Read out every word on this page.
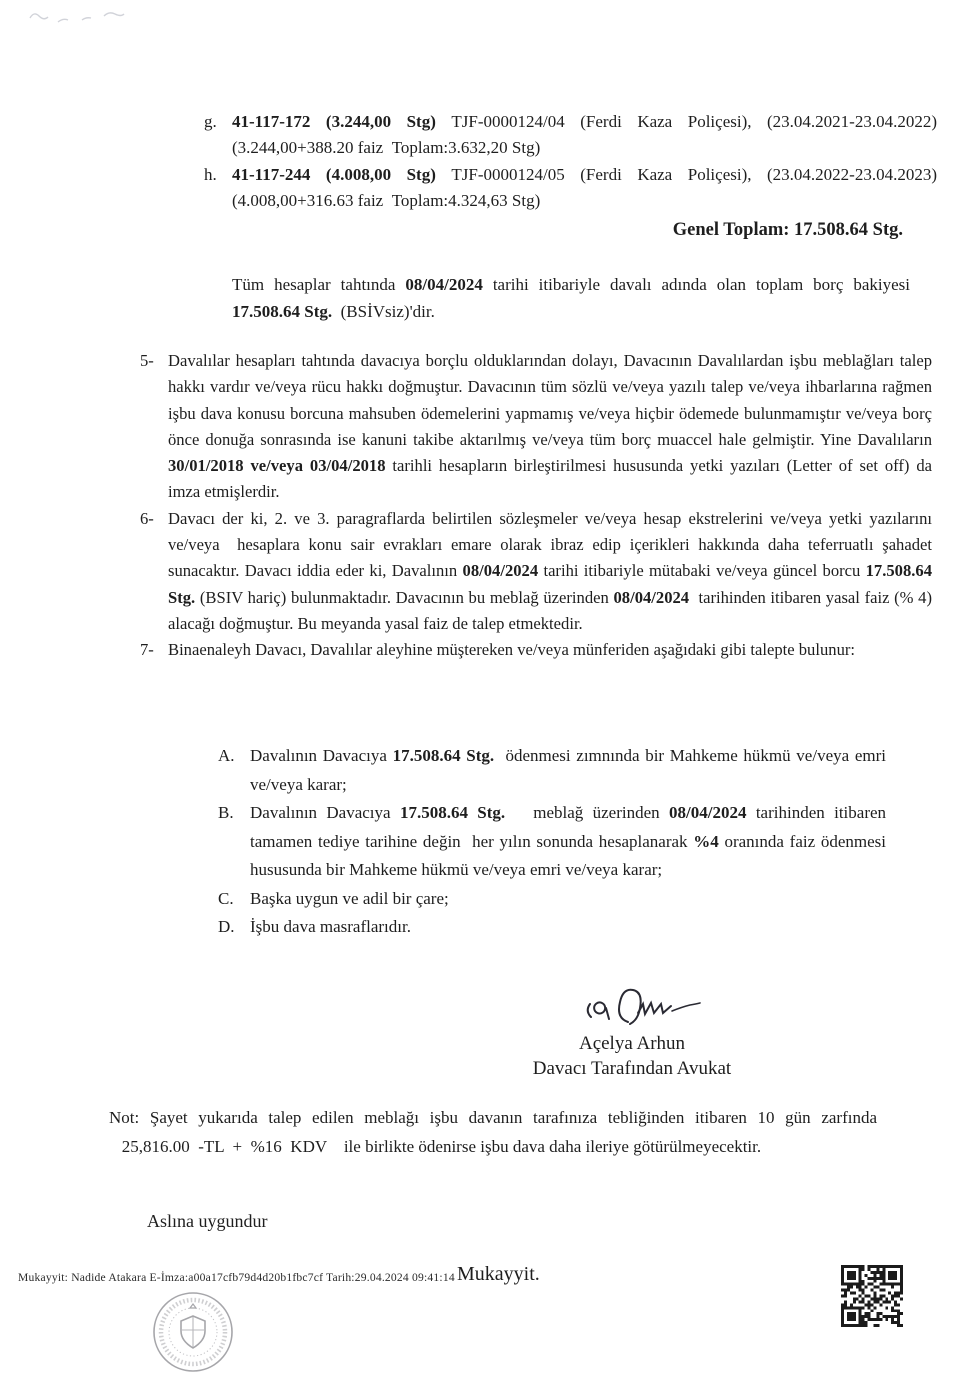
g. 41-117-172 (3.244,00 Stg) TJF-0000124/04 (Ferdi Kaza Poliçesi), (23.04.2021-23.04.2022) (3.244,00+388.20 faiz  Toplam:3.632,20 Stg)
h. 41-117-244 (4.008,00 Stg) TJF-0000124/05 (Ferdi Kaza Poliçesi), (23.04.2022-23.04.2023) (4.008,00+316.63 faiz  Toplam:4.324,63 Stg)
Genel Toplam: 17.508.64 Stg.
Tüm hesaplar tahtında 08/04/2024 tarihi itibariyle davalı adında olan toplam borç bakiyesi 17.508.64 Stg.  (BSİVsiz)'dir.
5- Davalılar hesapları tahtında davacıya borçlu olduklarından dolayı, Davacının Davalılardan işbu meblağları talep hakkı vardır ve/veya rücu hakkı doğmuştur. Davacının tüm sözlü ve/veya yazılı talep ve/veya ihbarlarına rağmen işbu dava konusu borcuna mahsuben ödemelerini yapmamış ve/veya hiçbir ödemede bulunmamıştır ve/veya borç önce donuğa sonrasında ise kanuni takibe aktarılmış ve/veya tüm borç muaccel hale gelmiştir. Yine Davalıların 30/01/2018 ve/veya 03/04/2018 tarihli hesapların birleştirilmesi hususunda yetki yazıları (Letter of set off) da imza etmişlerdir.
6- Davacı der ki, 2. ve 3. paragraflarda belirtilen sözleşmeler ve/veya hesap ekstrelerini ve/veya yetki yazılarını ve/veya  hesaplara konu sair evrakları emare olarak ibraz edip içerikleri hakkında daha teferruatlı şahadet sunacaktır. Davacı iddia eder ki, Davalının 08/04/2024 tarihi itibariyle mütabaki ve/veya güncel borcu 17.508.64 Stg. (BSIV hariç) bulunmaktadır. Davacının bu meblağ üzerinden 08/04/2024  tarihinden itibaren yasal faiz (% 4) alacağı doğmuştur. Bu meyanda yasal faiz de talep etmektedir.
7- Binaenaleyh Davacı, Davalılar aleyhine müştereken ve/veya münferiden aşağıdaki gibi talepte bulunur:
A. Davalının Davacıya 17.508.64 Stg.  ödenmesi zımnında bir Mahkeme hükmü ve/veya emri ve/veya karar;
B. Davalının Davacıya 17.508.64 Stg.   meblağ üzerinden 08/04/2024 tarihinden itibaren tamamen tediye tarihine değin  her yılın sonunda hesaplanarak %4 oranında faiz ödenmesi hususunda bir Mahkeme hükmü ve/veya emri ve/veya karar;
C. Başka uygun ve adil bir çare;
D. İşbu dava masraflarıdır.
Açelya Arhun
Davacı Tarafından Avukat
Not: Şayet yukarıda talep edilen meblağı işbu davanın tarafınıza tebliğinden itibaren 10 gün zarfında    25,816.00  -TL  +  %16  KDV    ile birlikte ödenirse işbu dava daha ileriye götürülmeyecektir.
Aslına uygundur
Mukayyit: Nadide Atakara E-İmza:a00a17cfb79d4d20b1fbc7cf Tarih:29.04.2024 09:41:14 Mukayyit.
